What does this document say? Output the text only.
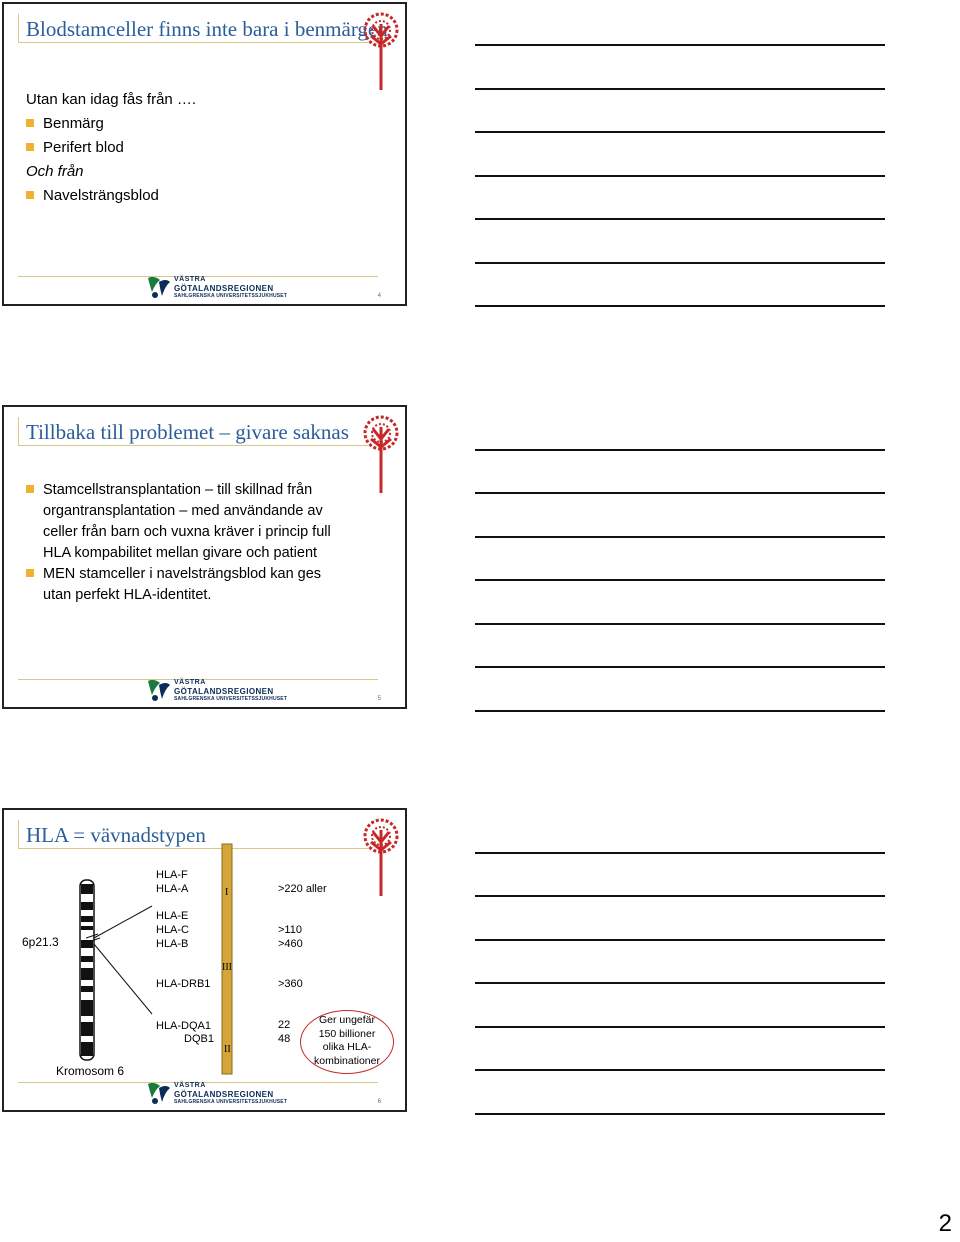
Blodstamceller finns inte bara i benmärgen
Utan kan idag fås från ….
Benmärg
Perifert blod
Och från
Navelsträngsblod
VÄSTRA
GÖTALANDSREGIONEN
SAHLGRENSKA UNIVERSITETSSJUKHUSET	4
Tillbaka till problemet – givare saknas
Stamcellstransplantation – till skillnad från
organtransplantation – med användande av
celler från barn och vuxna kräver i princip full
HLA kompabilitet mellan givare och patient
MEN stamceller i navelsträngsblod kan ges
utan perfekt HLA-identitet.
VÄSTRA
GÖTALANDSREGIONEN
SAHLGRENSKA UNIVERSITETSSJUKHUSET	5
HLA = vävnadstypen
6p21.3
Kromosom 6
HLA-F
HLA-A
HLA-E
HLA-C
HLA-B
HLA-DRB1
HLA-DQA1
DQB1
I
III
II
>220 aller
>110
>460
>360
22
48
Ger ungefär
150 billioner
olika HLA-
kombinationer
VÄSTRA
GÖTALANDSREGIONEN
SAHLGRENSKA UNIVERSITETSSJUKHUSET	6
2
